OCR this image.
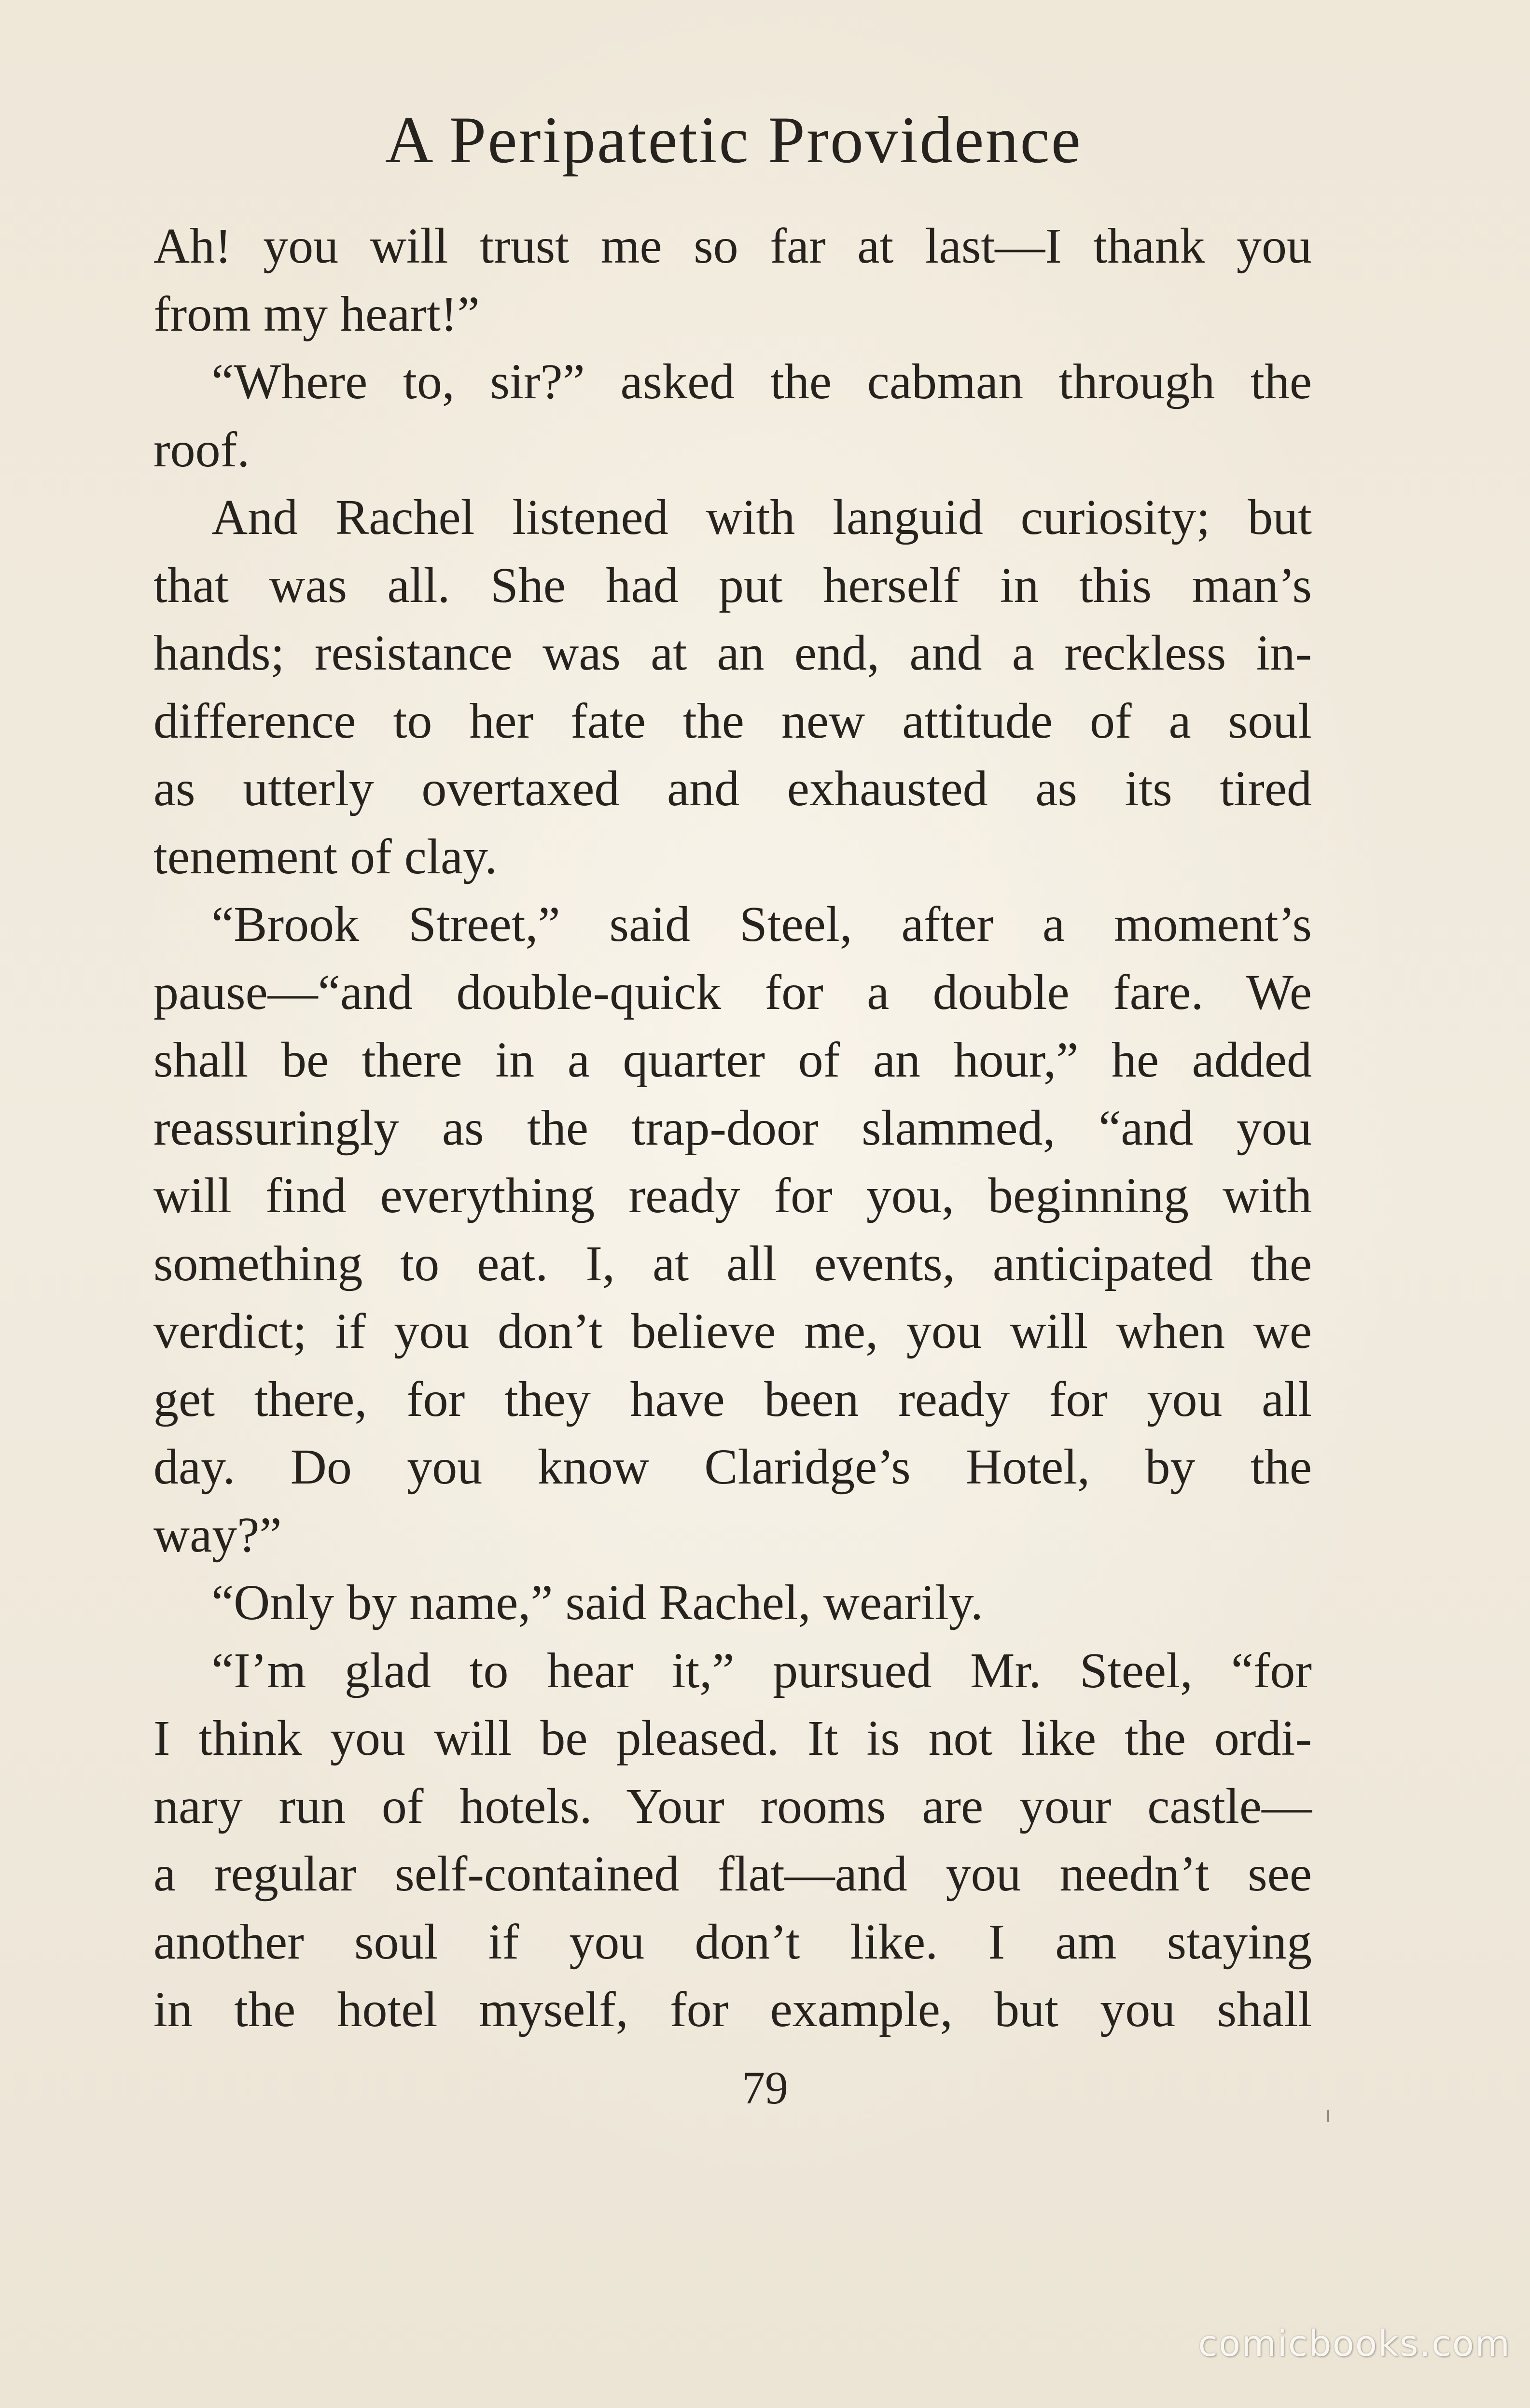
A Peripatetic Providence
Ah! you will trust me so far at last—I thank you
from my heart!”
“Where to, sir?” asked the cabman through the
roof.
And Rachel listened with languid curiosity; but
that was all. She had put herself in this man’s
hands; resistance was at an end, and a reckless in-
difference to her fate the new attitude of a soul
as utterly overtaxed and exhausted as its tired
tenement of clay.
“Brook Street,” said Steel, after a moment’s
pause—“and double-quick for a double fare. We
shall be there in a quarter of an hour,” he added
reassuringly as the trap-door slammed, “and you
will find everything ready for you, beginning with
something to eat. I, at all events, anticipated the
verdict; if you don’t believe me, you will when we
get there, for they have been ready for you all
day. Do you know Claridge’s Hotel, by the
way?”
“Only by name,” said Rachel, wearily.
“I’m glad to hear it,” pursued Mr. Steel, “for
I think you will be pleased. It is not like the ordi-
nary run of hotels. Your rooms are your castle—
a regular self-contained flat—and you needn’t see
another soul if you don’t like. I am staying
in the hotel myself, for example, but you shall
79
comicbooks.com
